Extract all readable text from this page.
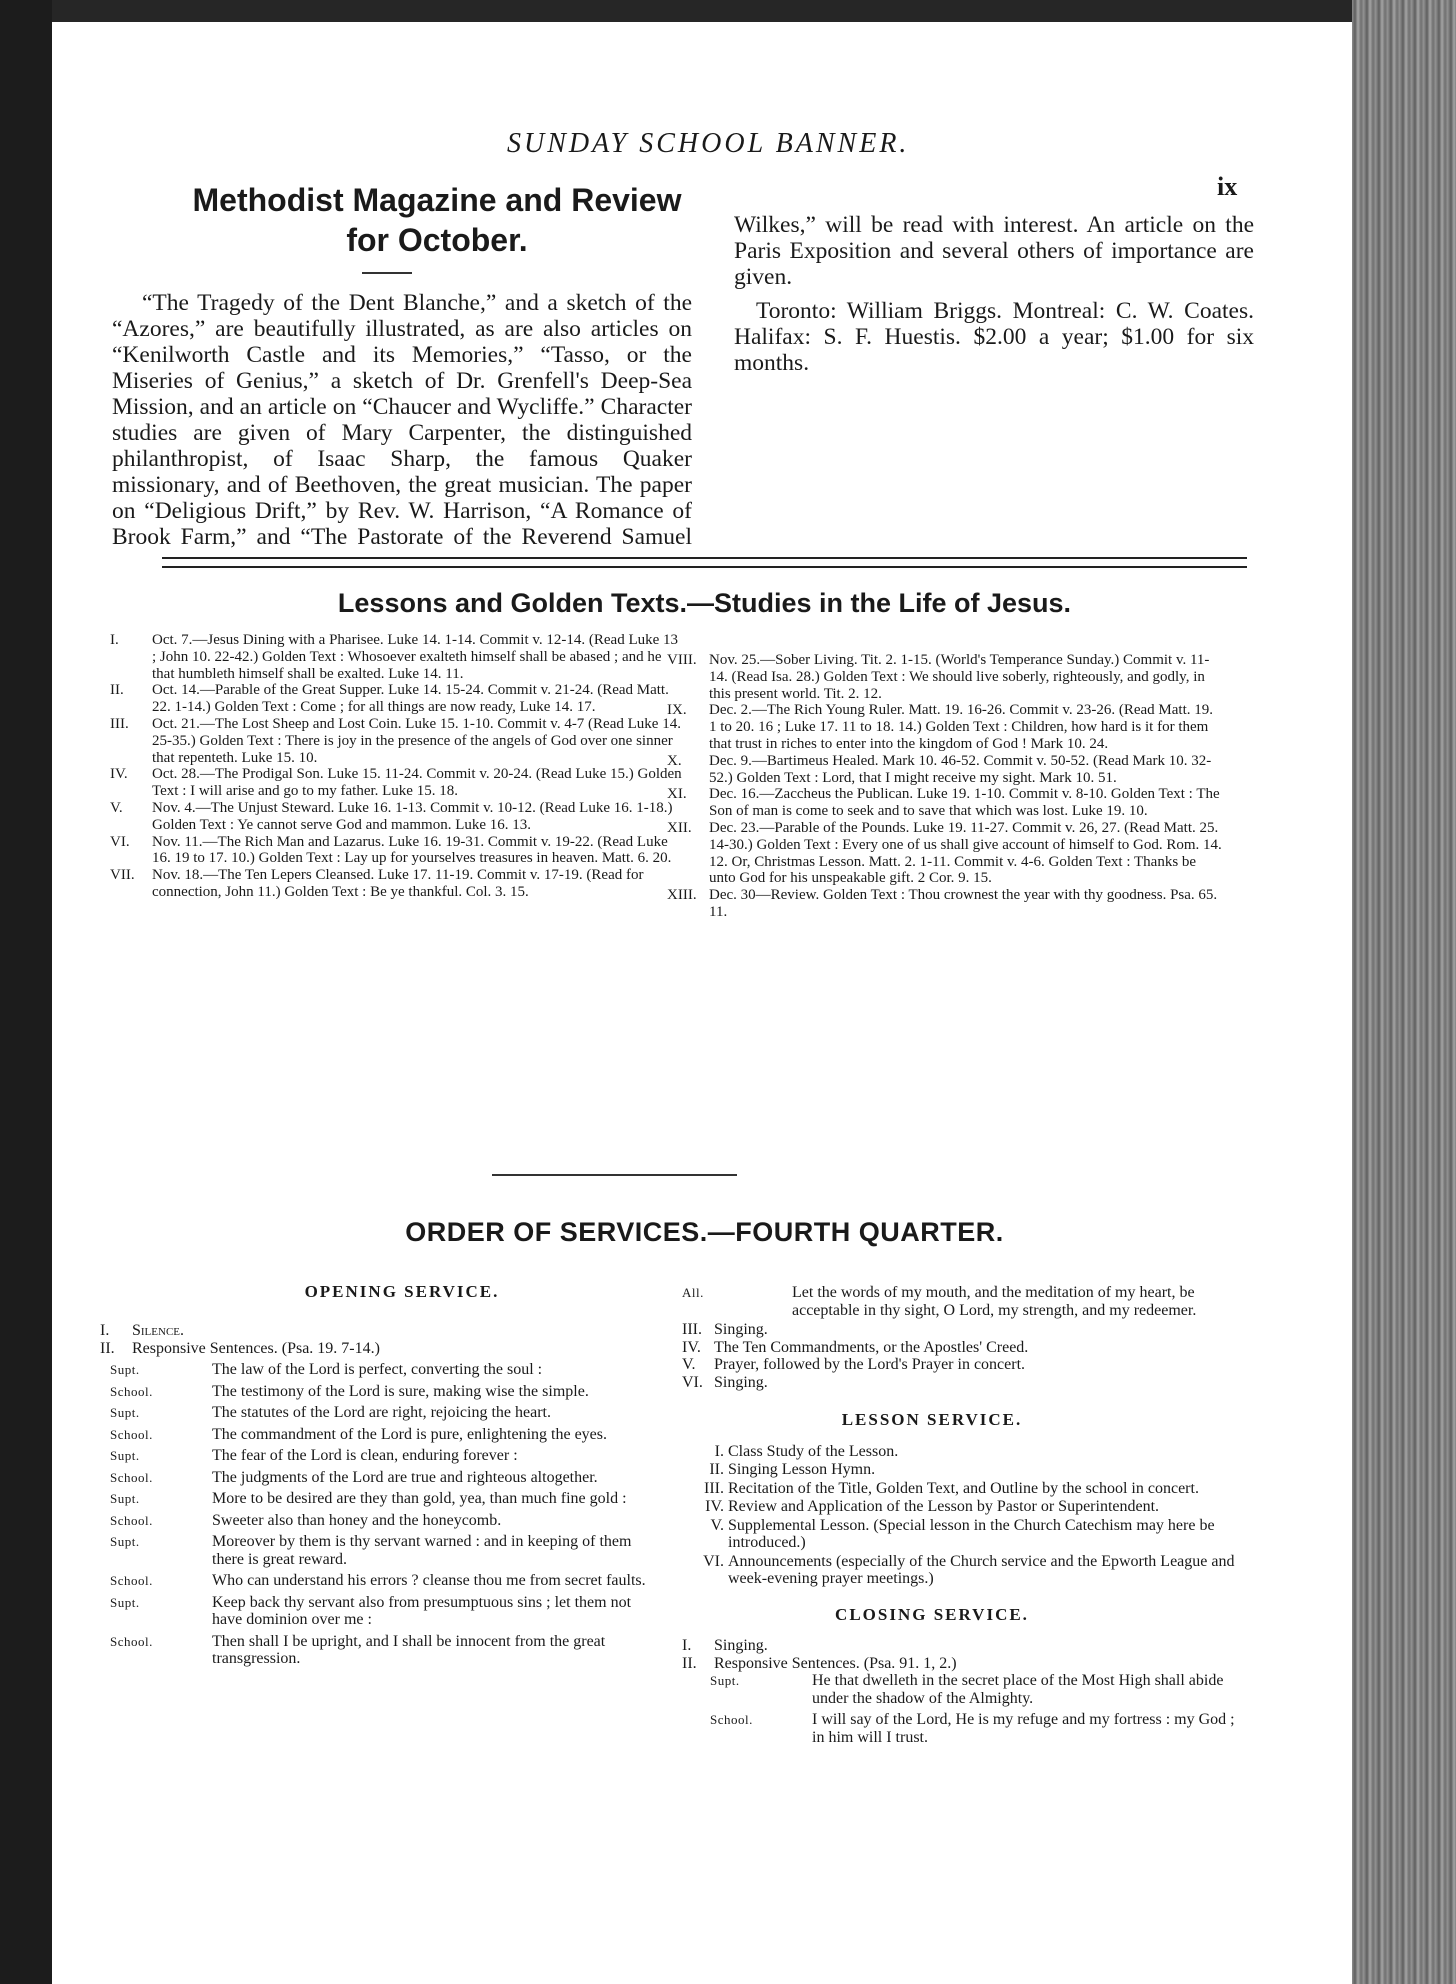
SUNDAY SCHOOL BANNER.
ix
Methodist Magazine and Review
for October.
“The Tragedy of the Dent Blanche,” and a sketch of the “Azores,” are beautifully illustrated, as are also articles on “Kenilworth Castle and its Memories,” “Tasso, or the Miseries of Genius,” a sketch of Dr. Grenfell's Deep-Sea Mission, and an article on “Chaucer and Wycliffe.” Character studies are given of Mary Carpenter, the distinguished philanthropist, of Isaac Sharp, the famous Quaker missionary, and of Beethoven, the great musician. The paper on “Deligious Drift,” by Rev. W. Harrison, “A Romance of Brook Farm,” and “The Pastorate of the Reverend Samuel
Wilkes,” will be read with interest. An article on the Paris Exposition and several others of importance are given.
Toronto: William Briggs. Montreal: C. W. Coates. Halifax: S. F. Huestis. $2.00 a year; $1.00 for six months.
Lessons and Golden Texts.—Studies in the Life of Jesus.
I.	Oct. 7.—Jesus Dining with a Pharisee. Luke 14. 1-14. Commit v. 12-14. (Read Luke 13 ; John 10. 22-42.) Golden Text : Whosoever exalteth himself shall be abased ; and he that humbleth himself shall be exalted. Luke 14. 11.
II.	Oct. 14.—Parable of the Great Supper. Luke 14. 15-24. Commit v. 21-24. (Read Matt. 22. 1-14.) Golden Text : Come ; for all things are now ready, Luke 14. 17.
III.	Oct. 21.—The Lost Sheep and Lost Coin. Luke 15. 1-10. Commit v. 4-7 (Read Luke 14. 25-35.) Golden Text : There is joy in the presence of the angels of God over one sinner that repenteth. Luke 15. 10.
IV.	Oct. 28.—The Prodigal Son. Luke 15. 11-24. Commit v. 20-24. (Read Luke 15.) Golden Text : I will arise and go to my father. Luke 15. 18.
V.	Nov. 4.—The Unjust Steward. Luke 16. 1-13. Commit v. 10-12. (Read Luke 16. 1-18.) Golden Text : Ye cannot serve God and mammon. Luke 16. 13.
VI.	Nov. 11.—The Rich Man and Lazarus. Luke 16. 19-31. Commit v. 19-22. (Read Luke 16. 19 to 17. 10.) Golden Text : Lay up for yourselves treasures in heaven. Matt. 6. 20.
VII.	Nov. 18.—The Ten Lepers Cleansed. Luke 17. 11-19. Commit v. 17-19. (Read for connection, John 11.) Golden Text : Be ye thankful. Col. 3. 15.
VIII. Nov. 25.—Sober Living. Tit. 2. 1-15. (World's Temperance Sunday.) Commit v. 11-14. (Read Isa. 28.) Golden Text : We should live soberly, righteously, and godly, in this present world. Tit. 2. 12.
IX.	Dec. 2.—The Rich Young Ruler. Matt. 19. 16-26. Commit v. 23-26. (Read Matt. 19. 1 to 20. 16 ; Luke 17. 11 to 18. 14.) Golden Text : Children, how hard is it for them that trust in riches to enter into the kingdom of God ! Mark 10. 24.
X.	Dec. 9.—Bartimeus Healed. Mark 10. 46-52. Commit v. 50-52. (Read Mark 10. 32-52.) Golden Text : Lord, that I might receive my sight. Mark 10. 51.
XI.	Dec. 16.—Zaccheus the Publican. Luke 19. 1-10. Commit v. 8-10. Golden Text : The Son of man is come to seek and to save that which was lost. Luke 19. 10.
XII.	Dec. 23.—Parable of the Pounds. Luke 19. 11-27. Commit v. 26, 27. (Read Matt. 25. 14-30.) Golden Text : Every one of us shall give account of himself to God. Rom. 14. 12. Or, Christmas Lesson. Matt. 2. 1-11. Commit v. 4-6. Golden Text : Thanks be unto God for his unspeakable gift. 2 Cor. 9. 15.
XIII. Dec. 30—Review. Golden Text : Thou crownest the year with thy goodness. Psa. 65. 11.
ORDER OF SERVICES.—FOURTH QUARTER.
OPENING SERVICE.
I. Silence.
II. Responsive Sentences. (Psa. 19. 7-14.)
Supt.	The law of the Lord is perfect, converting the soul :
School.	The testimony of the Lord is sure, making wise the simple.
Supt.	The statutes of the Lord are right, rejoicing the heart.
School.	The commandment of the Lord is pure, enlightening the eyes.
Supt.	The fear of the Lord is clean, enduring forever :
School.	The judgments of the Lord are true and righteous altogether.
Supt.	More to be desired are they than gold, yea, than much fine gold :
School.	Sweeter also than honey and the honeycomb.
Supt.	Moreover by them is thy servant warned : and in keeping of them there is great reward.
School.	Who can understand his errors ? cleanse thou me from secret faults.
Supt.	Keep back thy servant also from presumptuous sins ; let them not have dominion over me :
School.	Then shall I be upright, and I shall be innocent from the great transgression.
All.	Let the words of my mouth, and the meditation of my heart, be acceptable in thy sight, O Lord, my strength, and my redeemer.
III. Singing.
IV. The Ten Commandments, or the Apostles' Creed.
V. Prayer, followed by the Lord's Prayer in concert.
VI. Singing.
LESSON SERVICE.
I. Class Study of the Lesson.
II. Singing Lesson Hymn.
III. Recitation of the Title, Golden Text, and Outline by the school in concert.
IV. Review and Application of the Lesson by Pastor or Superintendent.
V. Supplemental Lesson. (Special lesson in the Church Catechism may here be introduced.)
VI. Announcements (especially of the Church service and the Epworth League and week-evening prayer meetings.)
CLOSING SERVICE.
I. Singing.
II. Responsive Sentences. (Psa. 91. 1, 2.)
Supt.	He that dwelleth in the secret place of the Most High shall abide under the shadow of the Almighty.
School.	I will say of the Lord, He is my refuge and my fortress : my God ; in him will I trust.
